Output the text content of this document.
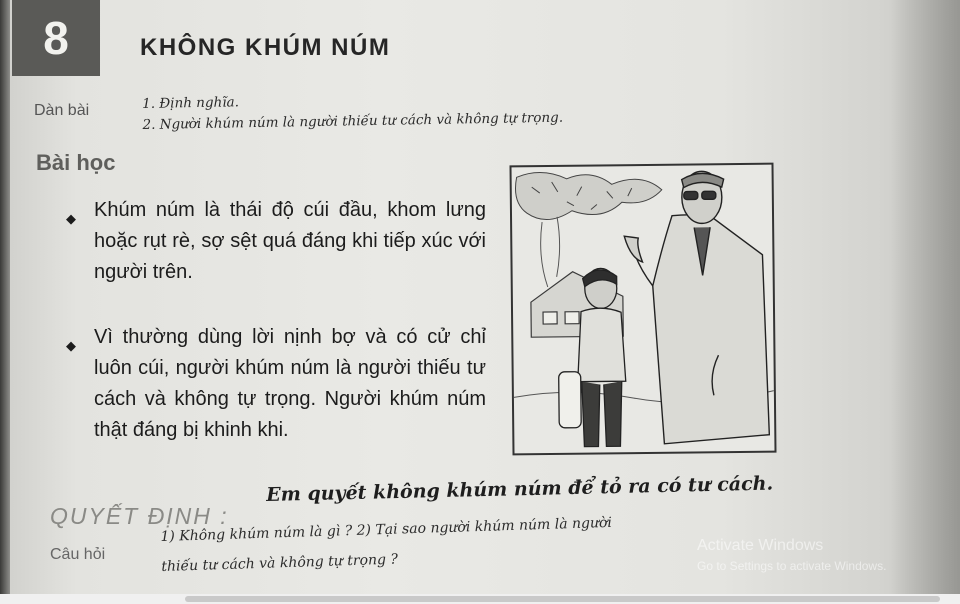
8	KHÔNG KHÚM NÚM
Dàn bài	1. Định nghĩa.
2. Người khúm núm là người thiếu tư cách và không tự trọng.
Bài học
◆ Khúm núm là thái độ cúi đầu, khom lưng hoặc rụt rè, sợ sệt quá đáng khi tiếp xúc với người trên.
◆ Vì thường dùng lời nịnh bợ và có cử chỉ luôn cúi, người khúm núm là người thiếu tư cách và không tự trọng. Người khúm núm thật đáng bị khinh khi.
QUYẾT ĐỊNH :
Em quyết không khúm núm để tỏ ra có tư cách.
Câu hỏi
1) Không khúm núm là gì ? 2) Tại sao người khúm núm là người
thiếu tư cách và không tự trọng ?
Activate Windows
Go to Settings to activate Windows.
